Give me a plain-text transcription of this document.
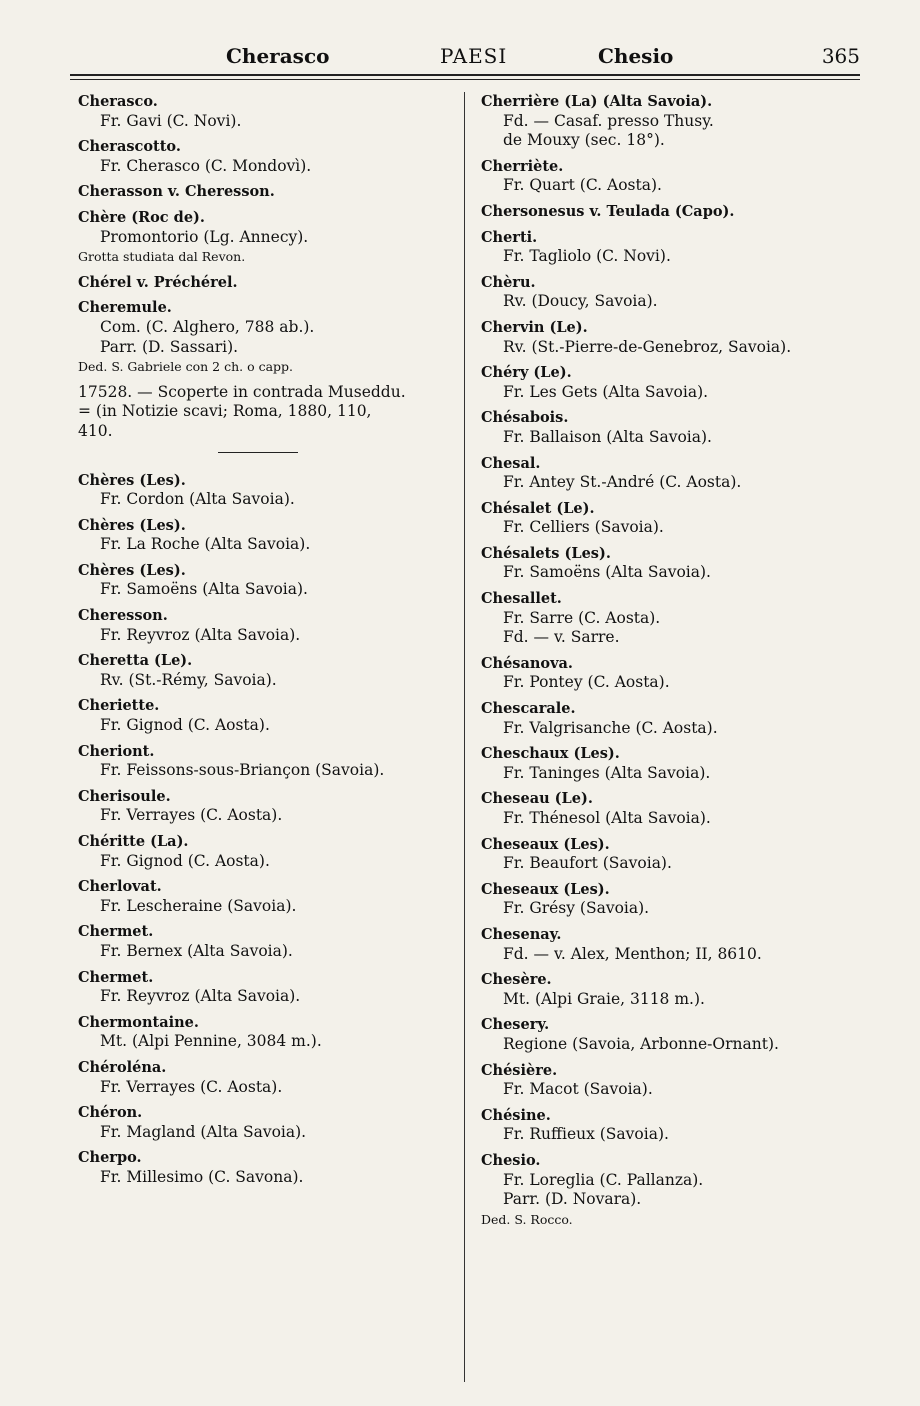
Cherasco	PAESI	Chesio	365
Cherasco.
Fr. Gavi (C. Novi).
Cherascotto.
Fr. Cherasco (C. Mondovì).
Cherasson v. Cheresson.
Chère (Roc de).
Promontorio (Lg. Annecy).
Grotta studiata dal Revon.
Chérel v. Préchérel.
Cheremule.
Com. (C. Alghero, 788 ab.).
Parr. (D. Sassari).
Ded. S. Gabriele con 2 ch. o capp.
17528. — Scoperte in contrada Museddu.
= (in Notizie scavi; Roma, 1880, 110,
410.
Chères (Les).
Fr. Cordon (Alta Savoia).
Chères (Les).
Fr. La Roche (Alta Savoia).
Chères (Les).
Fr. Samoëns (Alta Savoia).
Cheresson.
Fr. Reyvroz (Alta Savoia).
Cheretta (Le).
Rv. (St.-Rémy, Savoia).
Cheriette.
Fr. Gignod (C. Aosta).
Cheriont.
Fr. Feissons-sous-Briançon (Savoia).
Cherisoule.
Fr. Verrayes (C. Aosta).
Chéritte (La).
Fr. Gignod (C. Aosta).
Cherlovat.
Fr. Lescheraine (Savoia).
Chermet.
Fr. Bernex (Alta Savoia).
Chermet.
Fr. Reyvroz (Alta Savoia).
Chermontaine.
Mt. (Alpi Pennine, 3084 m.).
Chéroléna.
Fr. Verrayes (C. Aosta).
Chéron.
Fr. Magland (Alta Savoia).
Cherpo.
Fr. Millesimo (C. Savona).
Cherrière (La) (Alta Savoia).
Fd. — Casaf. presso Thusy.
de Mouxy (sec. 18°).
Cherriète.
Fr. Quart (C. Aosta).
Chersonesus v. Teulada (Capo).
Cherti.
Fr. Tagliolo (C. Novi).
Chèru.
Rv. (Doucy, Savoia).
Chervin (Le).
Rv. (St.-Pierre-de-Genebroz, Savoia).
Chéry (Le).
Fr. Les Gets (Alta Savoia).
Chésabois.
Fr. Ballaison (Alta Savoia).
Chesal.
Fr. Antey St.-André (C. Aosta).
Chésalet (Le).
Fr. Celliers (Savoia).
Chésalets (Les).
Fr. Samoëns (Alta Savoia).
Chesallet.
Fr. Sarre (C. Aosta).
Fd. — v. Sarre.
Chésanova.
Fr. Pontey (C. Aosta).
Chescarale.
Fr. Valgrisanche (C. Aosta).
Cheschaux (Les).
Fr. Taninges (Alta Savoia).
Cheseau (Le).
Fr. Thénesol (Alta Savoia).
Cheseaux (Les).
Fr. Beaufort (Savoia).
Cheseaux (Les).
Fr. Grésy (Savoia).
Chesenay.
Fd. — v. Alex, Menthon; II, 8610.
Chesère.
Mt. (Alpi Graie, 3118 m.).
Chesery.
Regione (Savoia, Arbonne-Ornant).
Chésière.
Fr. Macot (Savoia).
Chésine.
Fr. Ruffieux (Savoia).
Chesio.
Fr. Loreglia (C. Pallanza).
Parr. (D. Novara).
Ded. S. Rocco.
